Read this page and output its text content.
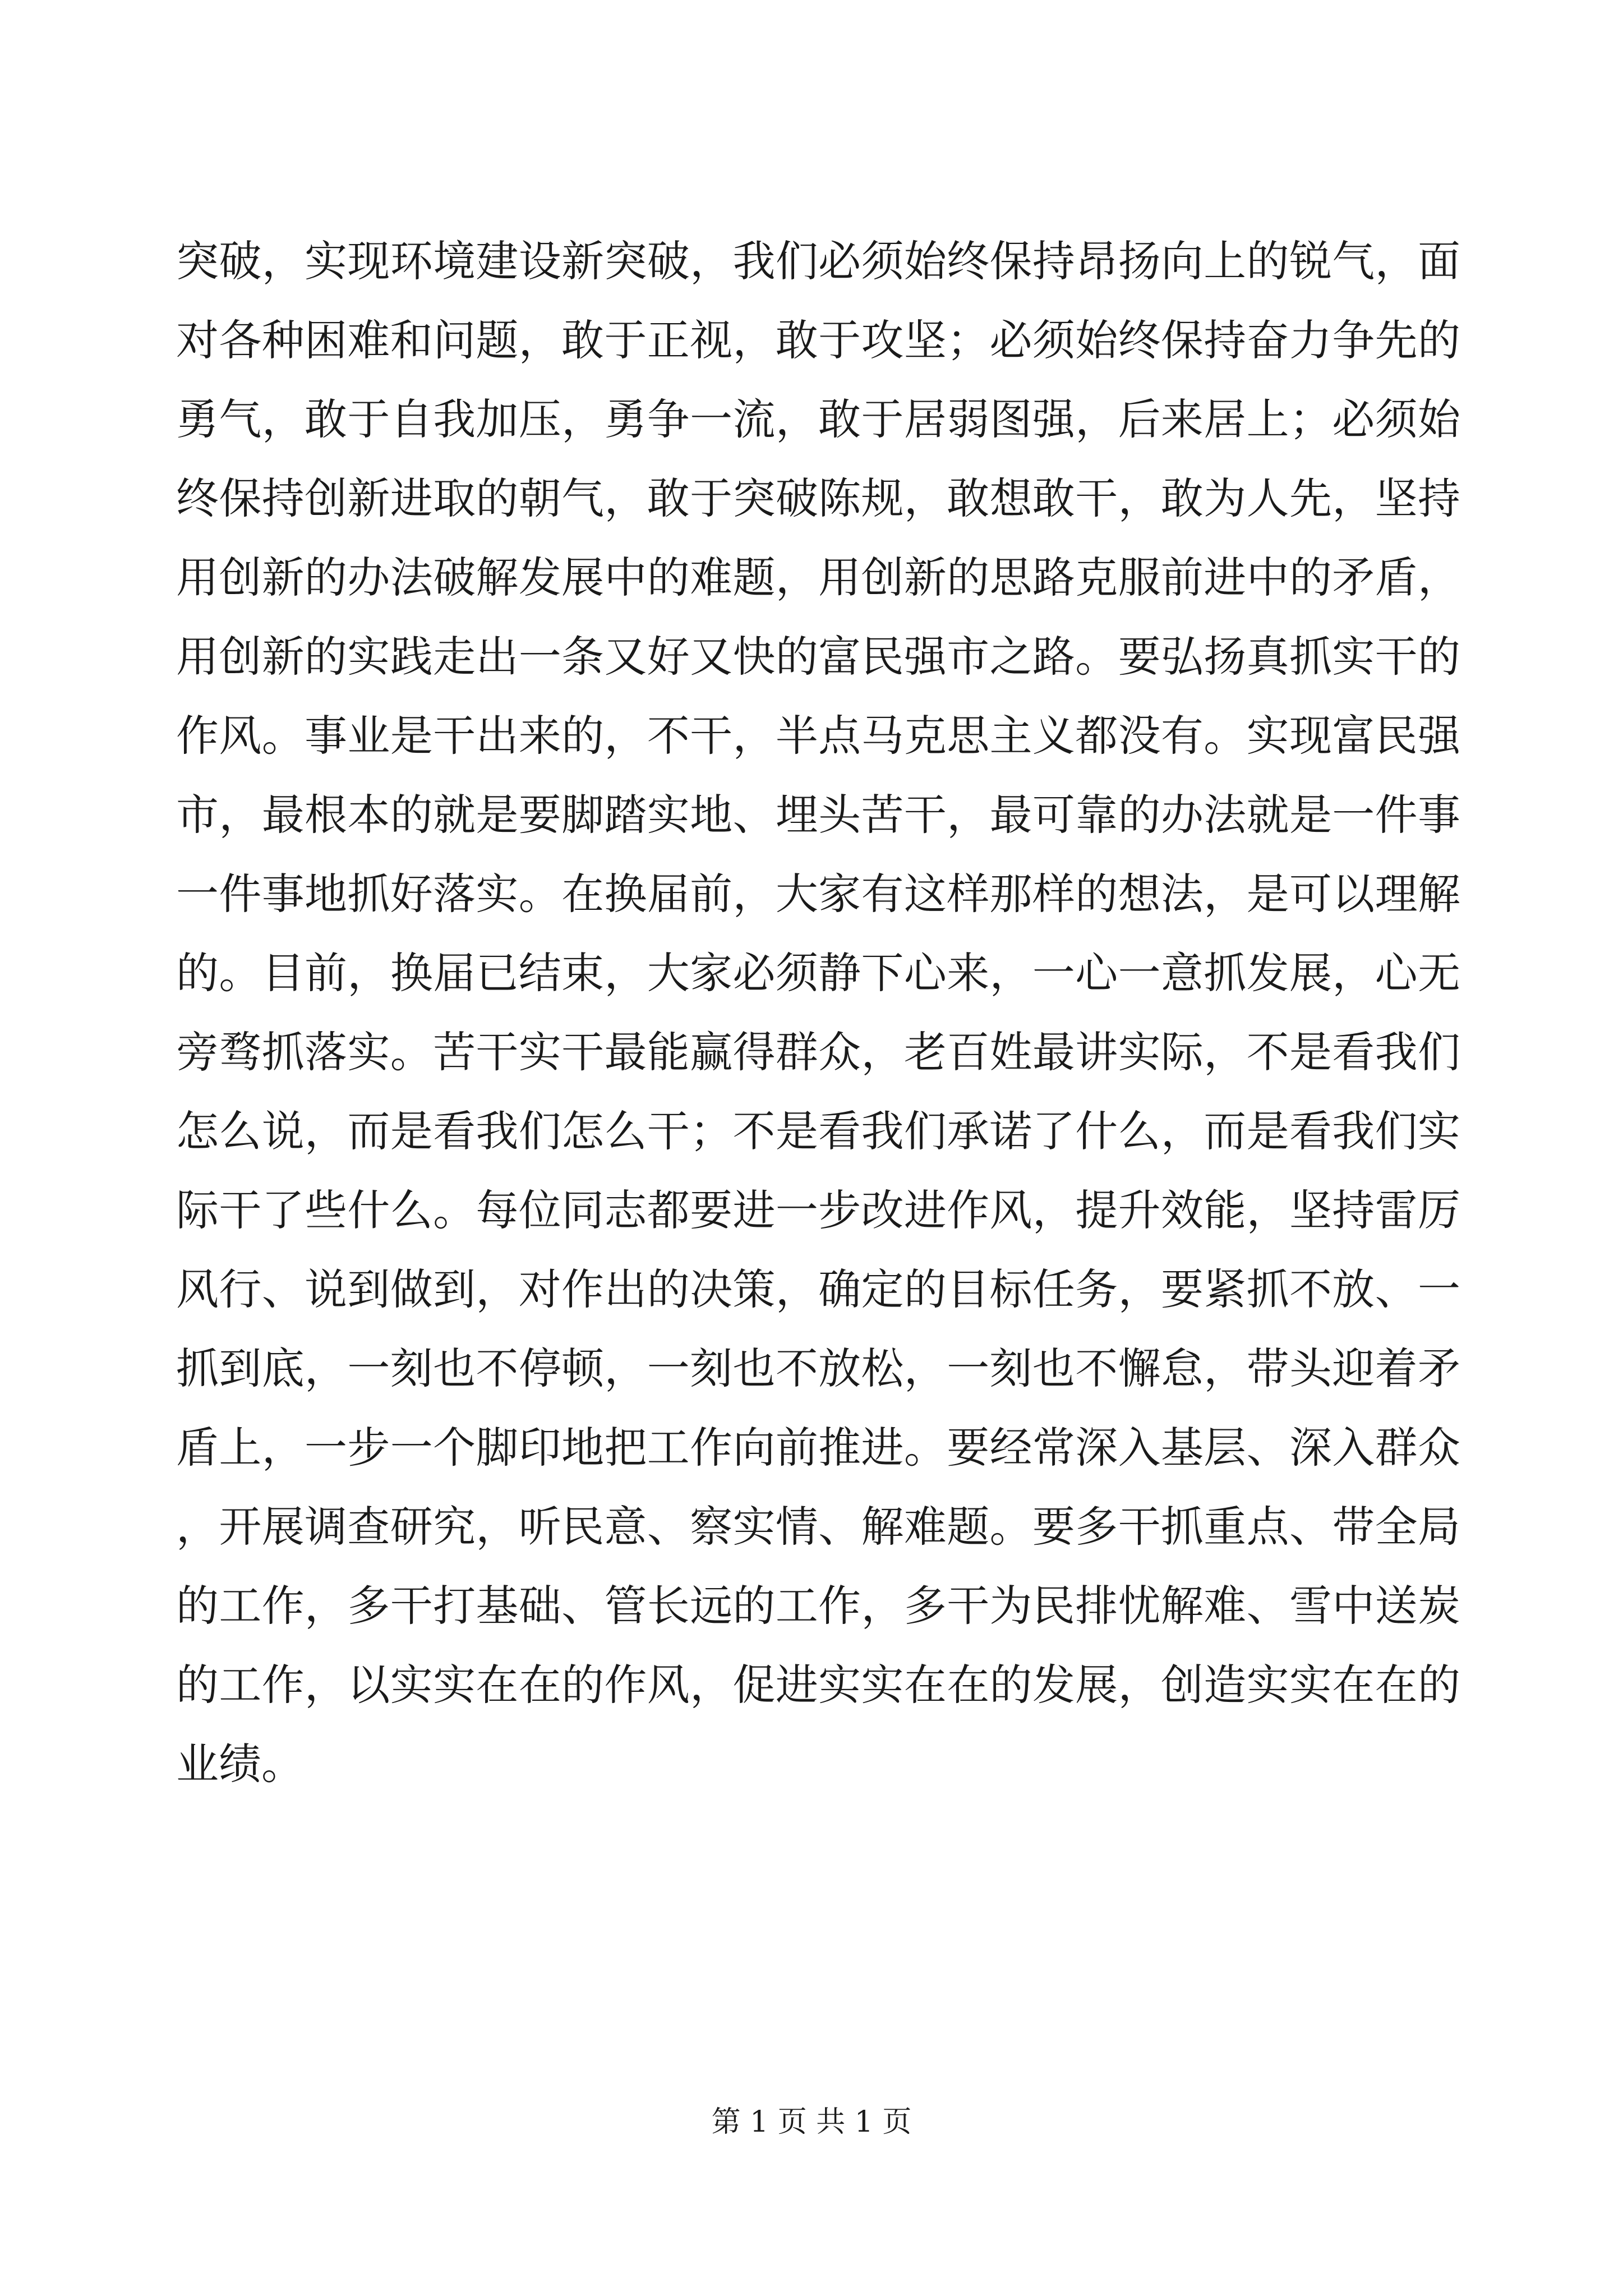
突破，实现环境建设新突破，我们必须始终保持昂扬向上的锐气，面对各种困难和问题，敢于正视，敢于攻坚；必须始终保持奋力争先的勇气，敢于自我加压，勇争一流，敢于居弱图强，后来居上；必须始终保持创新进取的朝气，敢于突破陈规，敢想敢干，敢为人先，坚持用创新的办法破解发展中的难题，用创新的思路克服前进中的矛盾，用创新的实践走出一条又好又快的富民强市之路。要弘扬真抓实干的作风。事业是干出来的，不干，半点马克思主义都没有。实现富民强市，最根本的就是要脚踏实地、埋头苦干，最可靠的办法就是一件事一件事地抓好落实。在换届前，大家有这样那样的想法，是可以理解的。目前，换届已结束，大家必须静下心来，一心一意抓发展，心无旁骛抓落实。苦干实干最能赢得群众，老百姓最讲实际，不是看我们怎么说，而是看我们怎么干；不是看我们承诺了什么，而是看我们实际干了些什么。每位同志都要进一步改进作风，提升效能，坚持雷厉风行、说到做到，对作出的决策，确定的目标任务，要紧抓不放、一抓到底，一刻也不停顿，一刻也不放松，一刻也不懈怠，带头迎着矛盾上，一步一个脚印地把工作向前推进。要经常深入基层、深入群众，开展调查研究，听民意、察实情、解难题。要多干抓重点、带全局的工作，多干打基础、管长远的工作，多干为民排忧解难、雪中送炭的工作，以实实在在的作风，促进实实在在的发展，创造实实在在的业绩。

第 1 页 共 1 页
